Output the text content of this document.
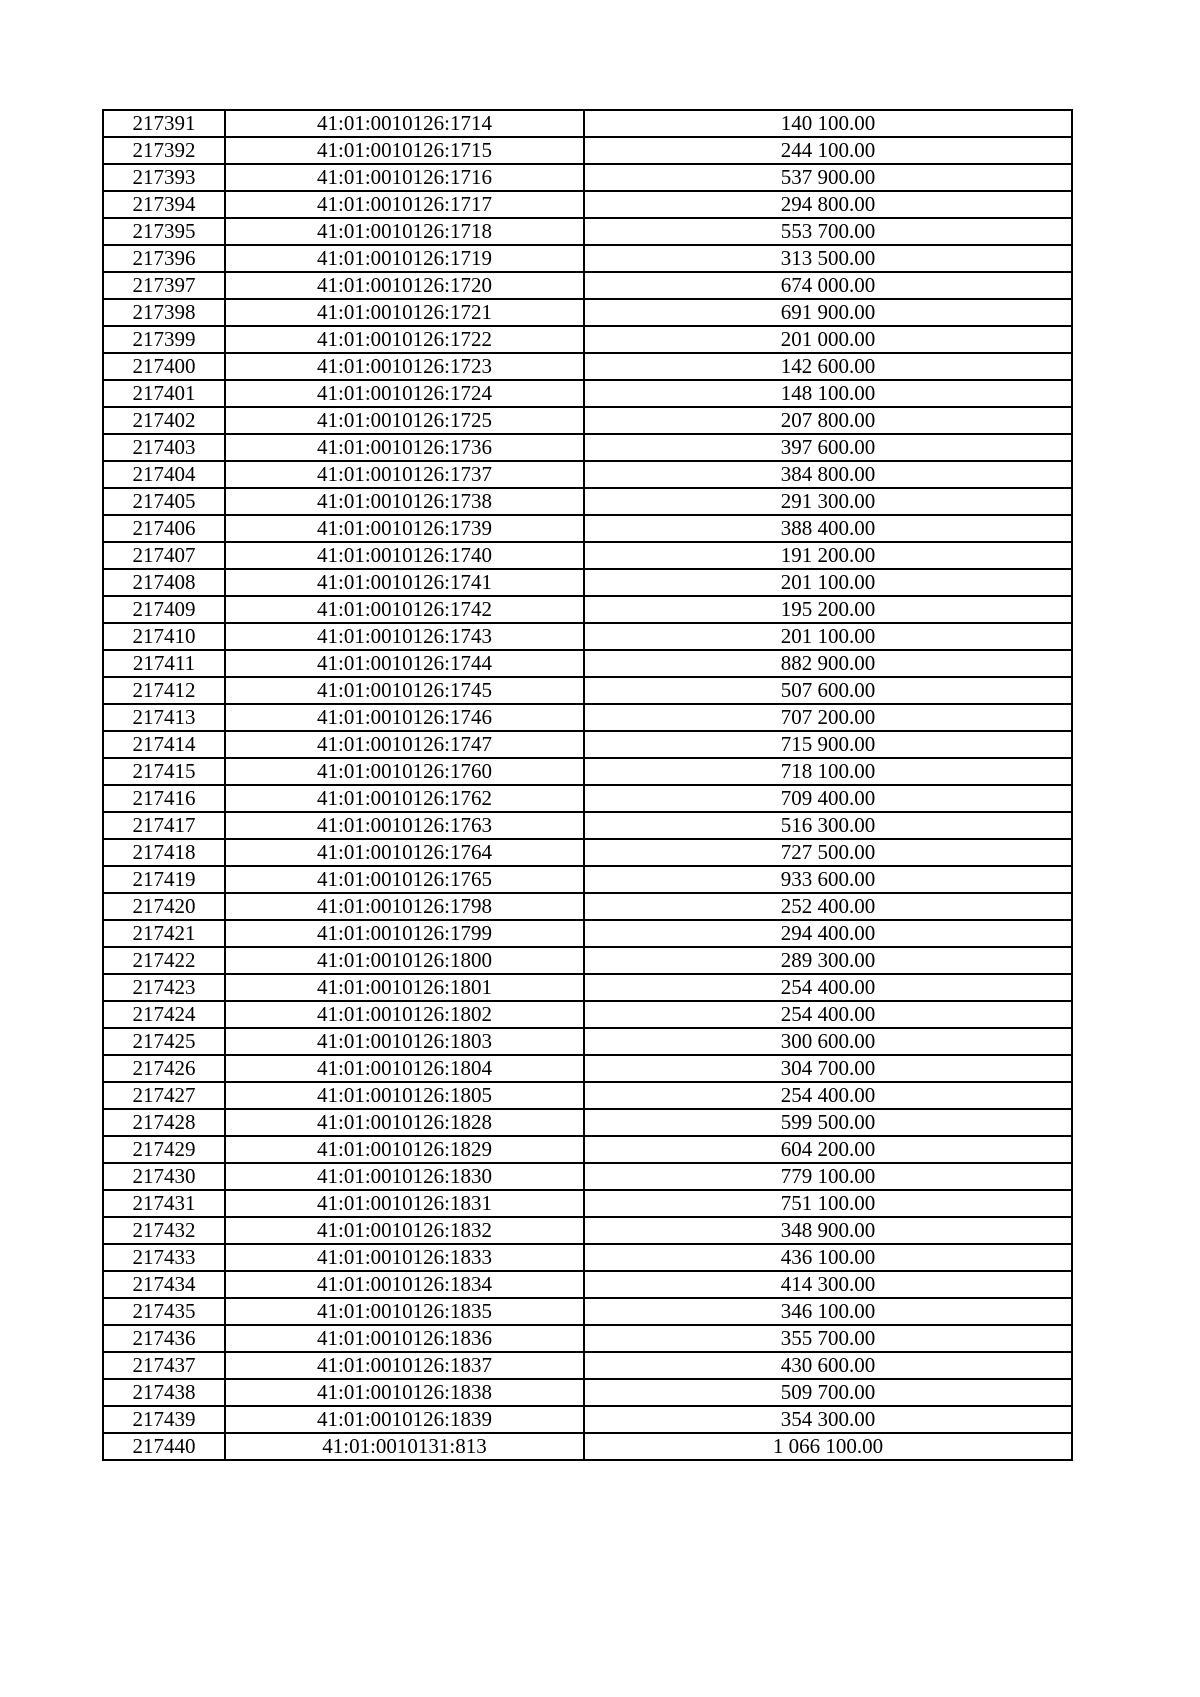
217391	41:01:0010126:1714	140 100.00
217392	41:01:0010126:1715	244 100.00
217393	41:01:0010126:1716	537 900.00
217394	41:01:0010126:1717	294 800.00
217395	41:01:0010126:1718	553 700.00
217396	41:01:0010126:1719	313 500.00
217397	41:01:0010126:1720	674 000.00
217398	41:01:0010126:1721	691 900.00
217399	41:01:0010126:1722	201 000.00
217400	41:01:0010126:1723	142 600.00
217401	41:01:0010126:1724	148 100.00
217402	41:01:0010126:1725	207 800.00
217403	41:01:0010126:1736	397 600.00
217404	41:01:0010126:1737	384 800.00
217405	41:01:0010126:1738	291 300.00
217406	41:01:0010126:1739	388 400.00
217407	41:01:0010126:1740	191 200.00
217408	41:01:0010126:1741	201 100.00
217409	41:01:0010126:1742	195 200.00
217410	41:01:0010126:1743	201 100.00
217411	41:01:0010126:1744	882 900.00
217412	41:01:0010126:1745	507 600.00
217413	41:01:0010126:1746	707 200.00
217414	41:01:0010126:1747	715 900.00
217415	41:01:0010126:1760	718 100.00
217416	41:01:0010126:1762	709 400.00
217417	41:01:0010126:1763	516 300.00
217418	41:01:0010126:1764	727 500.00
217419	41:01:0010126:1765	933 600.00
217420	41:01:0010126:1798	252 400.00
217421	41:01:0010126:1799	294 400.00
217422	41:01:0010126:1800	289 300.00
217423	41:01:0010126:1801	254 400.00
217424	41:01:0010126:1802	254 400.00
217425	41:01:0010126:1803	300 600.00
217426	41:01:0010126:1804	304 700.00
217427	41:01:0010126:1805	254 400.00
217428	41:01:0010126:1828	599 500.00
217429	41:01:0010126:1829	604 200.00
217430	41:01:0010126:1830	779 100.00
217431	41:01:0010126:1831	751 100.00
217432	41:01:0010126:1832	348 900.00
217433	41:01:0010126:1833	436 100.00
217434	41:01:0010126:1834	414 300.00
217435	41:01:0010126:1835	346 100.00
217436	41:01:0010126:1836	355 700.00
217437	41:01:0010126:1837	430 600.00
217438	41:01:0010126:1838	509 700.00
217439	41:01:0010126:1839	354 300.00
217440	41:01:0010131:813	1 066 100.00
